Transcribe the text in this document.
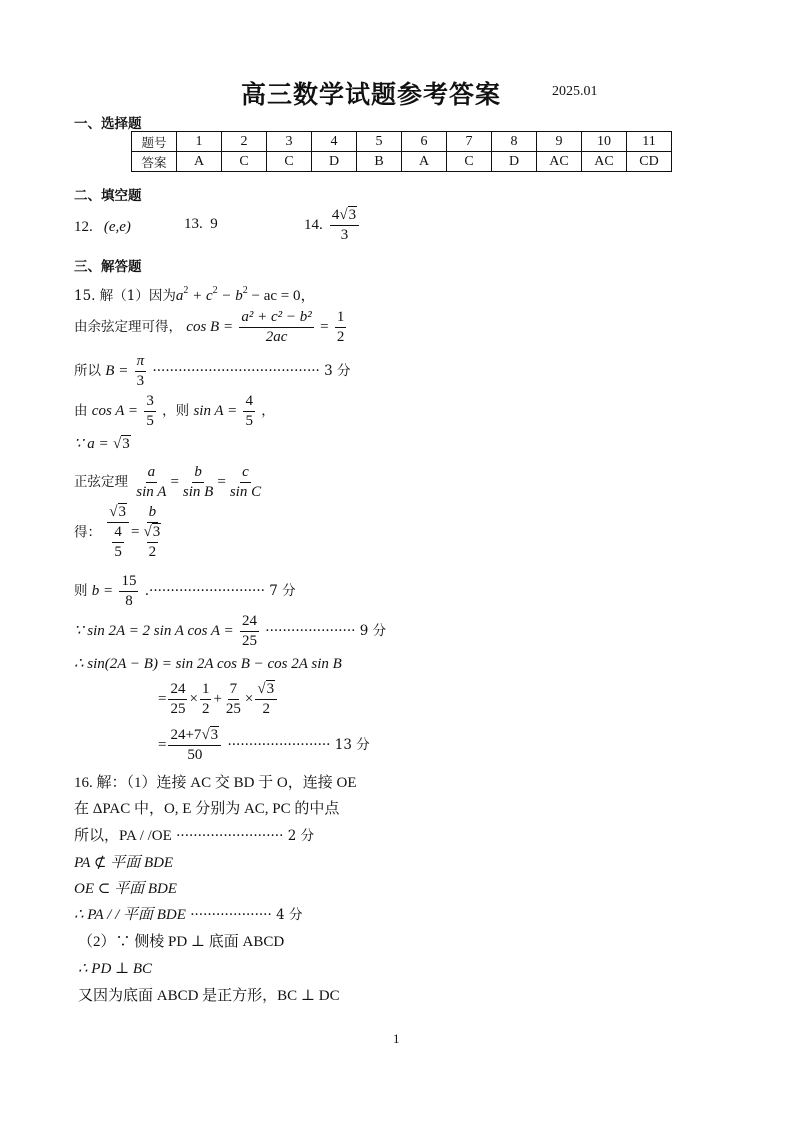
高三数学试题参考答案	2025.01
一、选择题
题号	1	2	3	4	5	6	7	8	9	10	11
答案	A	C	C	D	B	A	C	D	AC	AC	CD
二、填空题
12. (e,e)	13.  9	14. $\frac{4√3}{3}$
三、解答题
15. 解（1）因为$a^2 + c^2 - b^2$ − ac = 0，
由余弦定理可得， $\cos B = \frac{\text{a² + c² − b²}}{2ac} = \frac{1}{2}$
所以 $B = \frac{\pi}{3}$ ······································· 3 分
由 $\cos A = \frac{3}{5}$ ，则 $\sin A = \frac{4}{5}$ ，
∵ a = √3
正弦定理 $\frac{a}{\text{sin A}} = \frac{b}{\text{sin B}} = \frac{c}{\text{sin C}}$
得：
√3
4
5
=
b
√3
2
则 $b = \frac{15}{8}$ .··························· 7 分
∵ sin 2A = 2 sin A $\cos A = \frac{24}{25}$ ····················· 9 分
∴ sin(2A − B) = sin 2A cos B − cos 2A sin B
= $\frac{24}{25} \times \frac{1}{2} + \frac{7}{25} \times \frac{√3}{2}$
= $\frac{24+7√3}{50}$ ························ 13 分
16. 解：（1）连接 AC 交 BD 于 O，连接 OE
在 ΔPAC 中，O, E 分别为 AC, PC 的中点
所以，PA / /OE ························· 2 分
PA ⊄ 平面 BDE
OE ⊂ 平面 BDE
∴ PA / / 平面 BDE ··················· 4 分
（2）∵ 侧棱 PD ⊥ 底面 ABCD
∴ PD ⊥ BC
又因为底面 ABCD 是正方形，BC ⊥ DC
1
